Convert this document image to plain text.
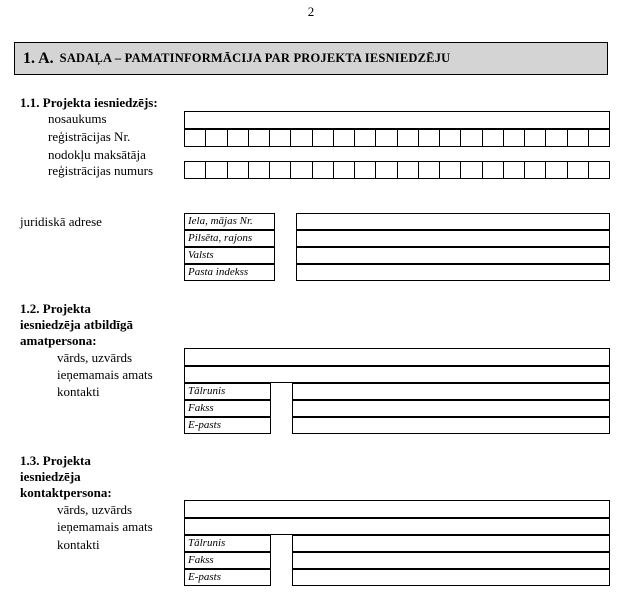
2
1. A. SADAĻA – PAMATINFORMĀCIJA PAR PROJEKTA IESNIEDZĒJU
1.1. Projekta iesniedzējs:
nosaukums
reģistrācijas Nr.
nodokļu maksātāja
reģistrācijas numurs
juridiskā adrese	Iela, mājas Nr.
Pilsēta, rajons
Valsts
Pasta indekss
1.2. Projekta
iesniedzēja atbildīgā
amatpersona:
vārds, uzvārds
ieņemamais amats
kontakti	Tālrunis
Fakss
E-pasts
1.3. Projekta
iesniedzēja
kontaktpersona:
vārds, uzvārds
ieņemamais amats
kontakti	Tālrunis
Fakss
E-pasts
